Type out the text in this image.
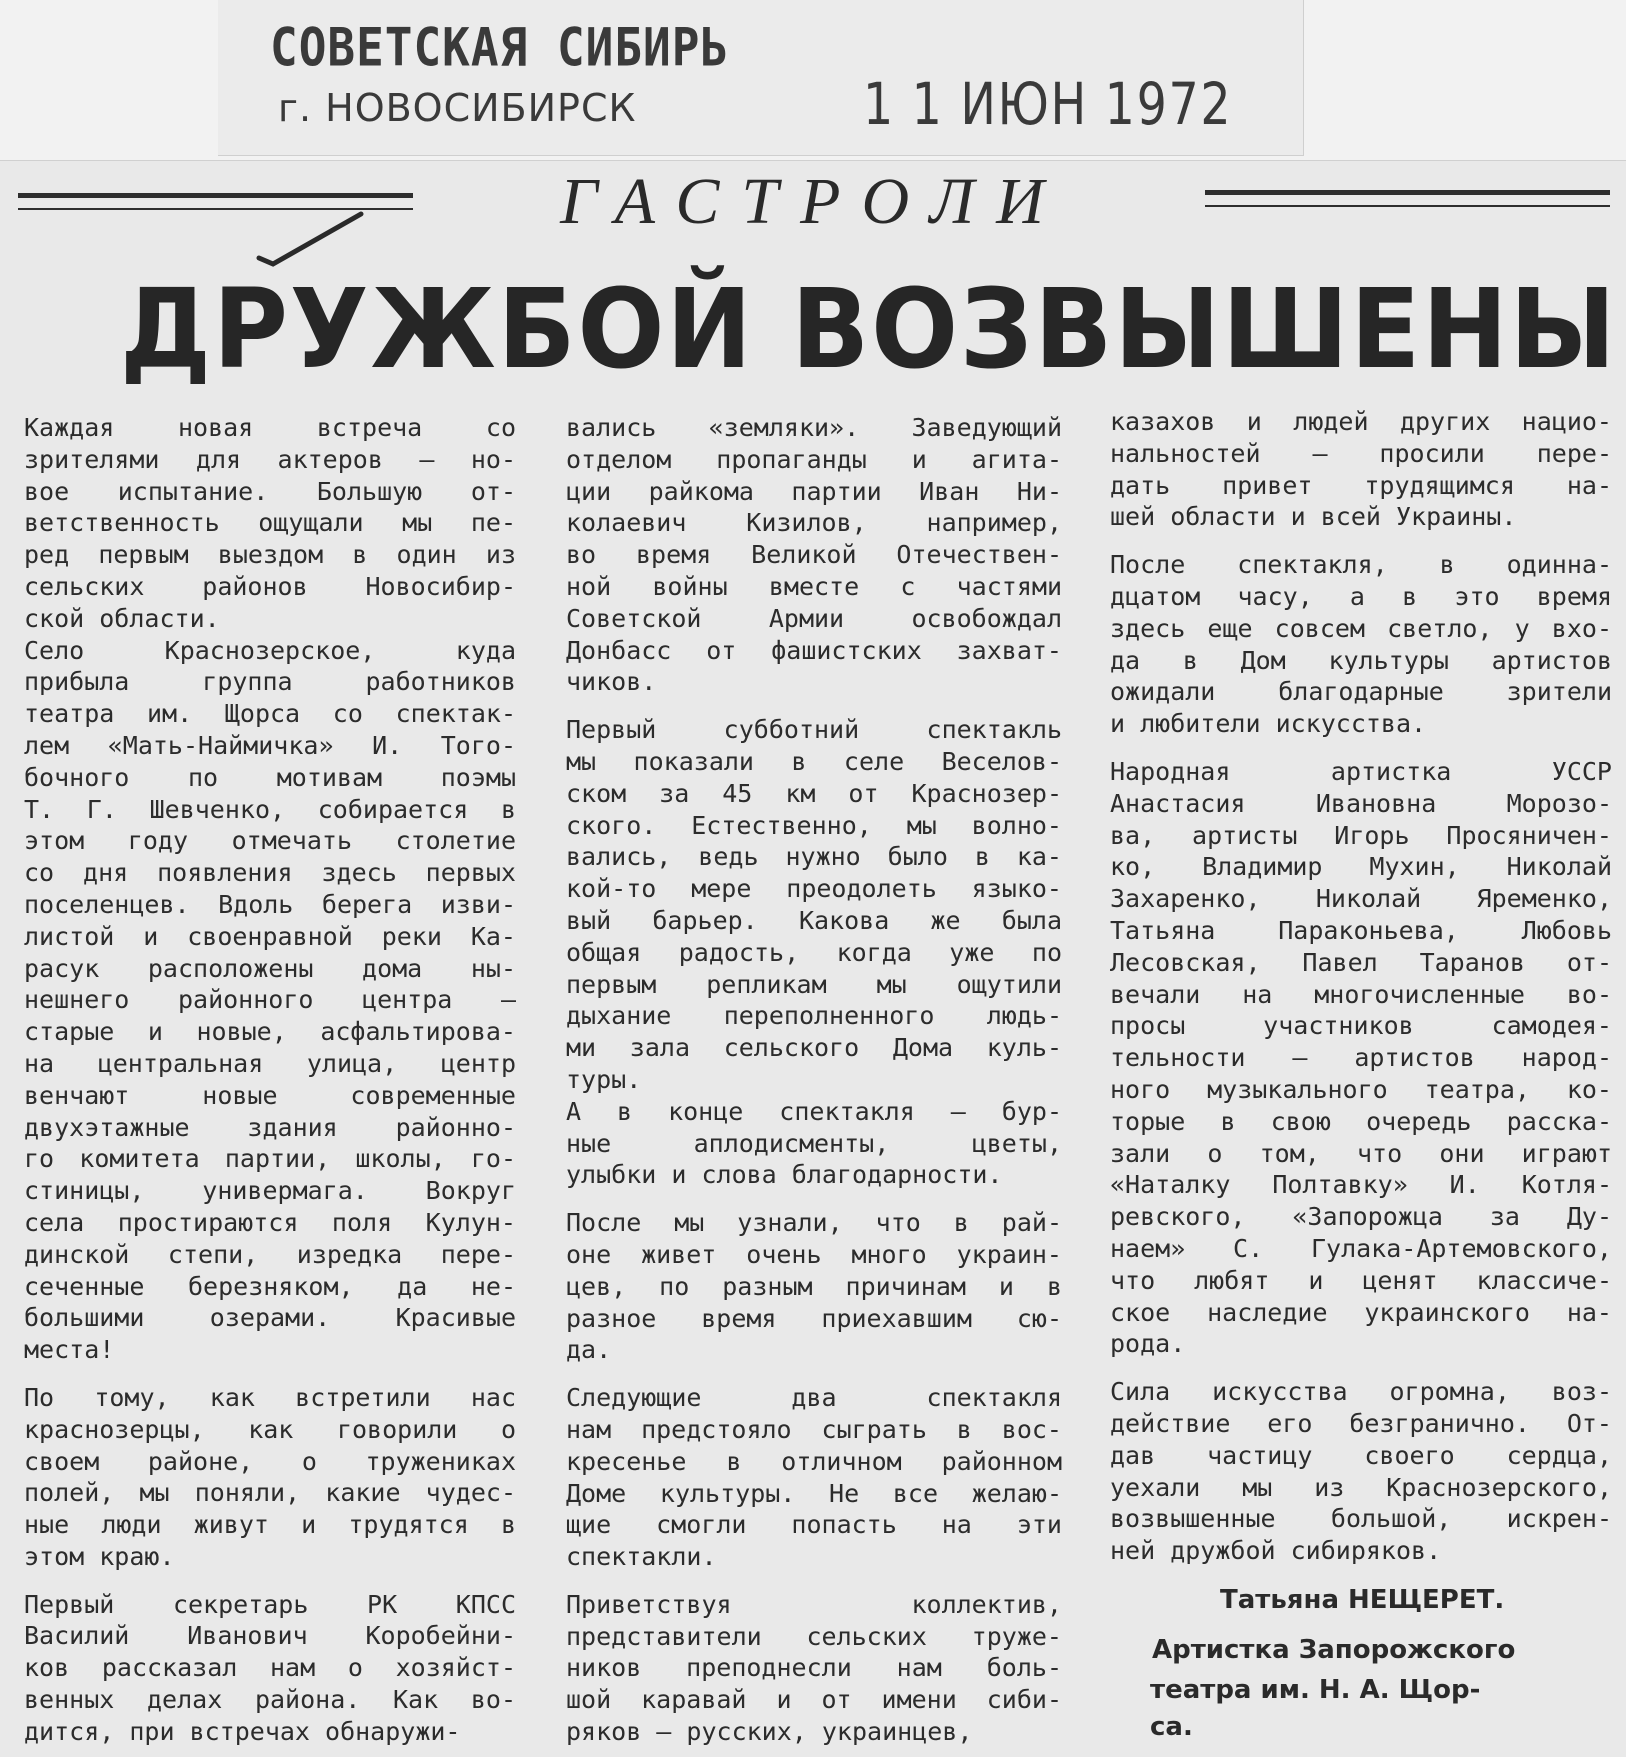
СОВЕТСКАЯ СИБИРЬ
г. НОВОСИБИРСК	1 1 ИЮН 1972
ГАСТРОЛИ
ДРУЖБОЙ ВОЗВЫШЕНЫ
Каждая новая встреча со
зрителями для актеров — но-
вое испытание. Большую от-
ветственность ощущали мы пе-
ред первым выездом в один из
сельских районов Новосибир-
ской области.
Село Краснозерское, куда
прибыла группа работников
театра им. Щорса со спектак-
лем «Мать-Наймичка» И. Того-
бочного по мотивам поэмы
Т. Г. Шевченко, собирается в
этом году отмечать столетие
со дня появления здесь первых
поселенцев. Вдоль берега изви-
листой и своенравной реки Ка-
расук расположены дома ны-
нешнего районного центра —
старые и новые, асфальтирова-
на центральная улица, центр
венчают новые современные
двухэтажные здания районно-
го комитета партии, школы, го-
стиницы, универмага. Вокруг
села простираются поля Кулун-
динской степи, изредка пере-
сеченные березняком, да не-
большими озерами. Красивые
места!
По тому, как встретили нас
краснозерцы, как говорили о
своем районе, о тружениках
полей, мы поняли, какие чудес-
ные люди живут и трудятся в
этом краю.
Первый секретарь РК КПСС
Василий Иванович Коробейни-
ков рассказал нам о хозяйст-
венных делах района. Как во-
дится, при встречах обнаружи-
вались «земляки». Заведующий
отделом пропаганды и агита-
ции райкома партии Иван Ни-
колаевич Кизилов, например,
во время Великой Отечествен-
ной войны вместе с частями
Советской Армии освобождал
Донбасс от фашистских захват-
чиков.
Первый субботний спектакль
мы показали в селе Веселов-
ском за 45 км от Краснозер-
ского. Естественно, мы волно-
вались, ведь нужно было в ка-
кой-то мере преодолеть языко-
вый барьер. Какова же была
общая радость, когда уже по
первым репликам мы ощутили
дыхание переполненного людь-
ми зала сельского Дома куль-
туры.
А в конце спектакля — бур-
ные аплодисменты, цветы,
улыбки и слова благодарности.
После мы узнали, что в рай-
оне живет очень много украин-
цев, по разным причинам и в
разное время приехавшим сю-
да.
Следующие два спектакля
нам предстояло сыграть в вос-
кресенье в отличном районном
Доме культуры. Не все желаю-
щие смогли попасть на эти
спектакли.
Приветствуя коллектив,
представители сельских труже-
ников преподнесли нам боль-
шой каравай и от имени сиби-
ряков — русских, украинцев,
казахов и людей других нацио-
нальностей — просили пере-
дать привет трудящимся на-
шей области и всей Украины.
После спектакля, в одинна-
дцатом часу, а в это время
здесь еще совсем светло, у вхо-
да в Дом культуры артистов
ожидали благодарные зрители
и любители искусства.
Народная артистка УССР
Анастасия Ивановна Морозо-
ва, артисты Игорь Просяничен-
ко, Владимир Мухин, Николай
Захаренко, Николай Яременко,
Татьяна Параконьева, Любовь
Лесовская, Павел Таранов от-
вечали на многочисленные во-
просы участников самодея-
тельности — артистов народ-
ного музыкального театра, ко-
торые в свою очередь расска-
зали о том, что они играют
«Наталку Полтавку» И. Котля-
ревского, «Запорожца за Ду-
наем» С. Гулака-Артемовского,
что любят и ценят классиче-
ское наследие украинского на-
рода.
Сила искусства огромна, воз-
действие его безгранично. От-
дав частицу своего сердца,
уехали мы из Краснозерского,
возвышенные большой, искрен-
ней дружбой сибиряков.
Татьяна НЕЩЕРЕТ.
Артистка Запорожского
театра им. Н. А. Щор-
са.
